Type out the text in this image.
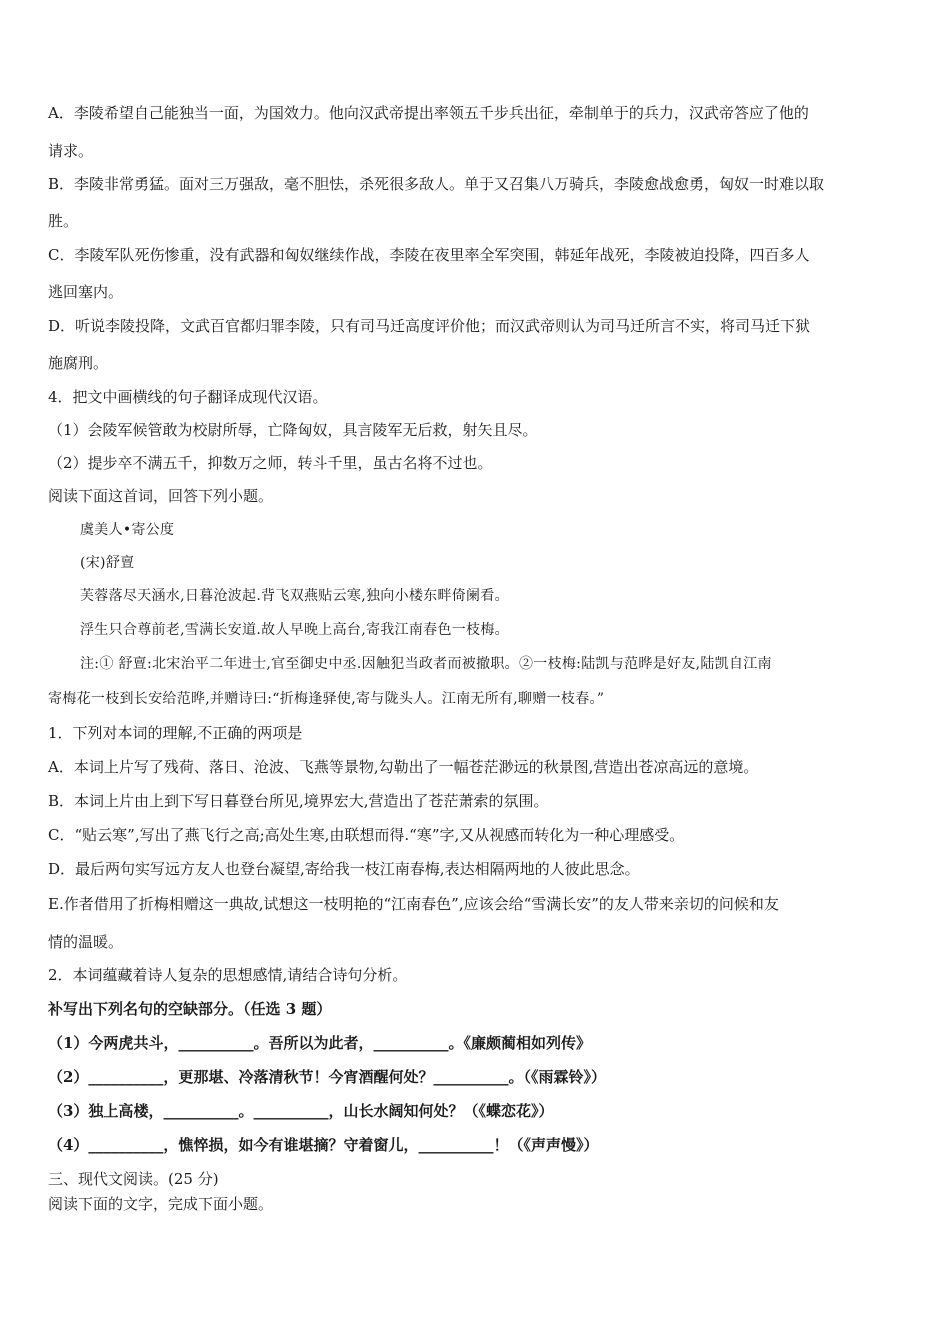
A．李陵希望自己能独当一面，为国效力。他向汉武帝提出率领五千步兵出征，牵制单于的兵力，汉武帝答应了他的
请求。
B．李陵非常勇猛。面对三万强敌，毫不胆怯，杀死很多敌人。单于又召集八万骑兵，李陵愈战愈勇，匈奴一时难以取
胜。
C．李陵军队死伤惨重，没有武器和匈奴继续作战，李陵在夜里率全军突围，韩延年战死，李陵被迫投降，四百多人
逃回塞内。
D．听说李陵投降，文武百官都归罪李陵，只有司马迁高度评价他；而汉武帝则认为司马迁所言不实，将司马迁下狱
施腐刑。
4．把文中画横线的句子翻译成现代汉语。
（1）会陵军候管敢为校尉所辱，亡降匈奴，具言陵军无后救，射矢且尽。
（2）提步卒不满五千，抑数万之师，转斗千里，虽古名将不过也。
阅读下面这首词，回答下列小题。
虞美人•寄公度
(宋)舒亶
芙蓉落尽天涵水,日暮沧波起.背飞双燕贴云寒,独向小楼东畔倚阑看。
浮生只合尊前老,雪满长安道.故人早晚上高台,寄我江南春色一枝梅。
注:① 舒亶:北宋治平二年进士,官至御史中丞.因触犯当政者而被撤职。②一枝梅:陆凯与范晔是好友,陆凯自江南
寄梅花一枝到长安给范晔,并赠诗曰:“折梅逢驿使,寄与陇头人。江南无所有,聊赠一枝春。”
1．下列对本词的理解,不正确的两项是
A．本词上片写了残荷、落日、沧波、飞燕等景物,勾勒出了一幅苍茫渺远的秋景图,营造出苍凉高远的意境。
B．本词上片由上到下写日暮登台所见,境界宏大,营造出了苍茫萧索的氛围。
C．“贴云寒”,写出了燕飞行之高;高处生寒,由联想而得.“寒”字,又从视感而转化为一种心理感受。
D．最后两句实写远方友人也登台凝望,寄给我一枝江南春梅,表达相隔两地的人彼此思念。
E.作者借用了折梅相赠这一典故,试想这一枝明艳的“江南春色”,应该会给“雪满长安”的友人带来亲切的问候和友
情的温暖。
2．本词蕴藏着诗人复杂的思想感情,请结合诗句分析。
补写出下列名句的空缺部分。（任选 3 题）
（1）今两虎共斗，__________。吾所以为此者，__________。《廉颇蔺相如列传》
（2）__________，更那堪、冷落清秋节！今宵酒醒何处？__________。（《雨霖铃》）
（3）独上高楼，__________。__________，山长水阔知何处？（《蝶恋花》）
（4）__________，憔悴损，如今有谁堪摘？守着窗儿，__________！（《声声慢》）
三、现代文阅读。(25 分)
阅读下面的文字，完成下面小题。
